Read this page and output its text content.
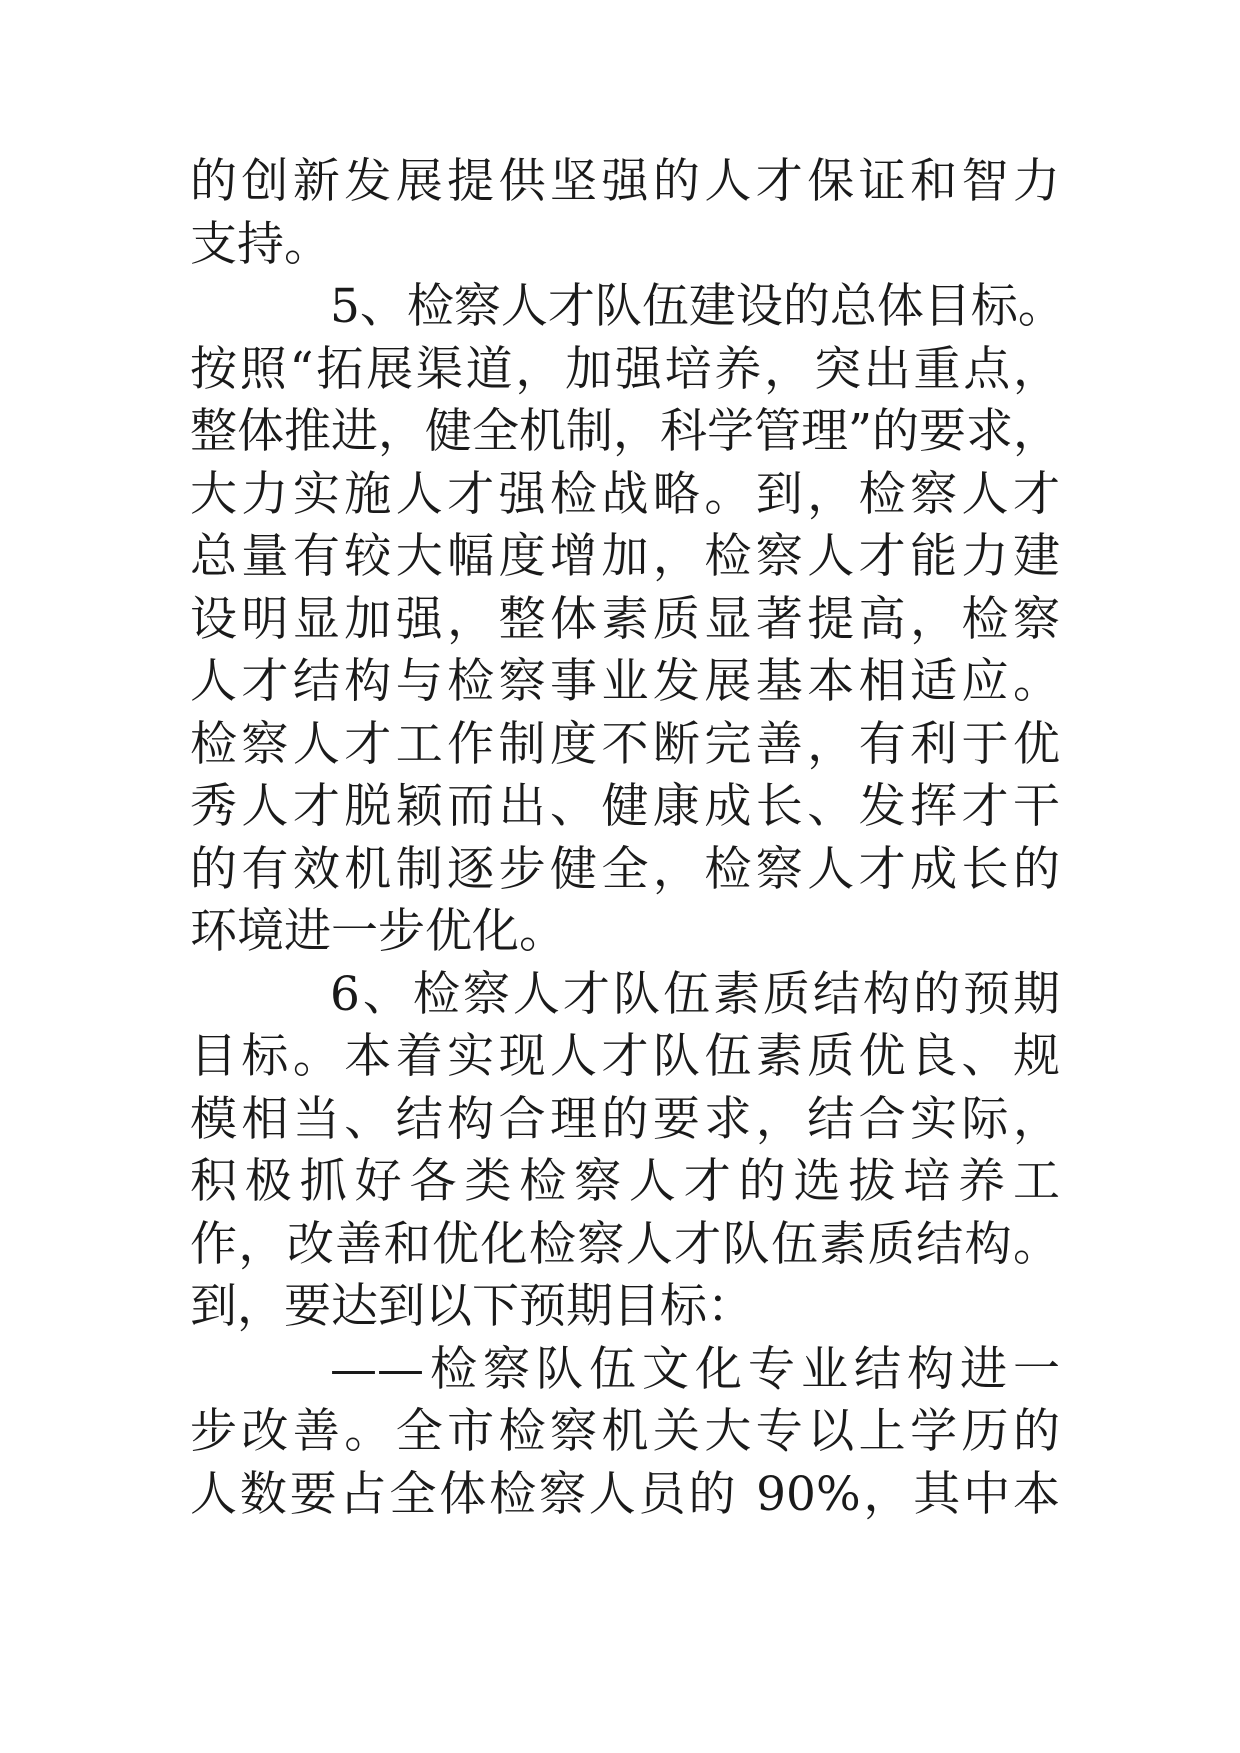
的创新发展提供坚强的人才保证和智力
支持。
5、检察人才队伍建设的总体目标。
按照“拓展渠道，加强培养，突出重点，
整体推进，健全机制，科学管理”的要求，
大力实施人才强检战略。到，检察人才
总量有较大幅度增加，检察人才能力建
设明显加强，整体素质显著提高，检察
人才结构与检察事业发展基本相适应。
检察人才工作制度不断完善，有利于优
秀人才脱颖而出、健康成长、发挥才干
的有效机制逐步健全，检察人才成长的
环境进一步优化。
6、检察人才队伍素质结构的预期
目标。本着实现人才队伍素质优良、规
模相当、结构合理的要求，结合实际，
积极抓好各类检察人才的选拔培养工
作，改善和优化检察人才队伍素质结构。
到，要达到以下预期目标：
——检察队伍文化专业结构进一
步改善。全市检察机关大专以上学历的
人数要占全体检察人员的 90%，其中本
